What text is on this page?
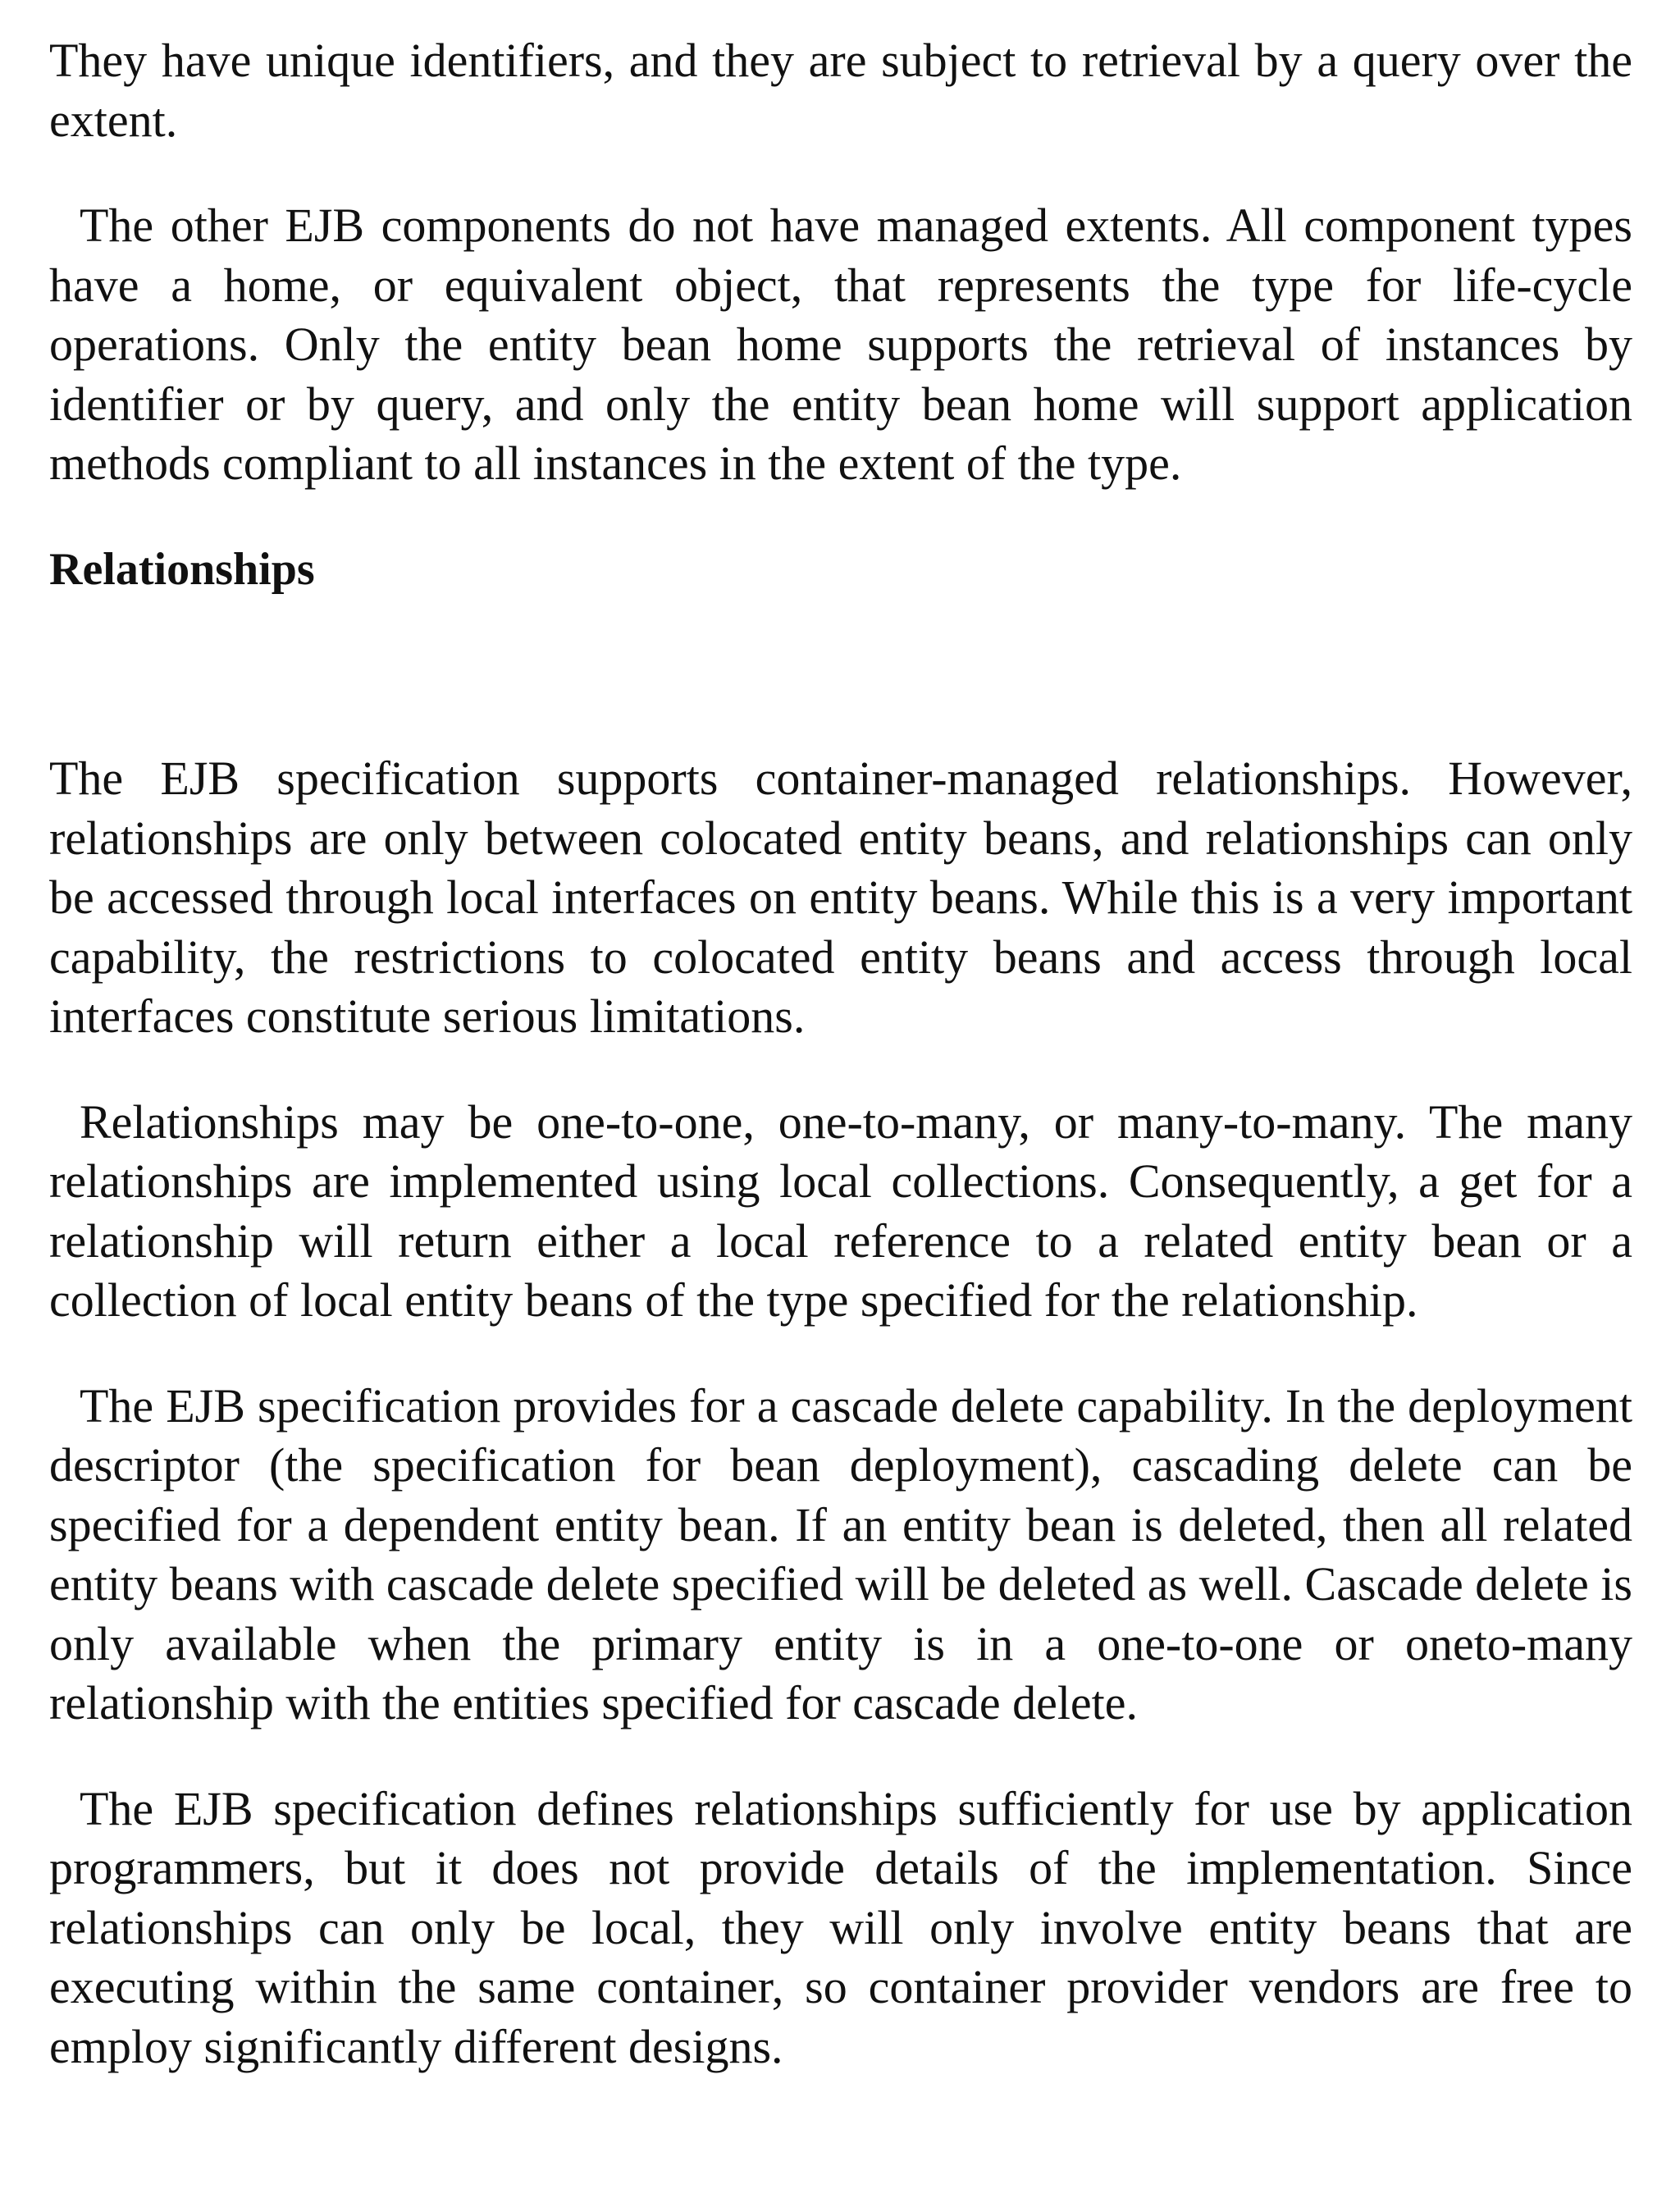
They have unique identifiers, and they are subject to retrieval by a query over the extent.

The other EJB components do not have managed extents. All component types have a home, or equivalent object, that represents the type for life-cycle operations. Only the entity bean home supports the retrieval of instances by identifier or by query, and only the entity bean home will support application methods compliant to all instances in the extent of the type.

Relationships

The EJB specification supports container-managed relationships. However, relationships are only between colocated entity beans, and relationships can only be accessed through local interfaces on entity beans. While this is a very important capability, the restrictions to colocated entity beans and access through local interfaces constitute serious limitations.

Relationships may be one-to-one, one-to-many, or many-to-many. The many relationships are implemented using local collections. Consequently, a get for a relationship will return either a local reference to a related entity bean or a collection of local entity beans of the type specified for the relationship.

The EJB specification provides for a cascade delete capability. In the deployment descriptor (the specification for bean deployment), cascading delete can be specified for a dependent entity bean. If an entity bean is deleted, then all related entity beans with cascade delete specified will be deleted as well. Cascade delete is only available when the primary entity is in a one-to-one or oneto-many relationship with the entities specified for cascade delete.

The EJB specification defines relationships sufficiently for use by application programmers, but it does not provide details of the implementation. Since relationships can only be local, they will only involve entity beans that are executing within the same container, so container provider vendors are free to employ significantly different designs.
